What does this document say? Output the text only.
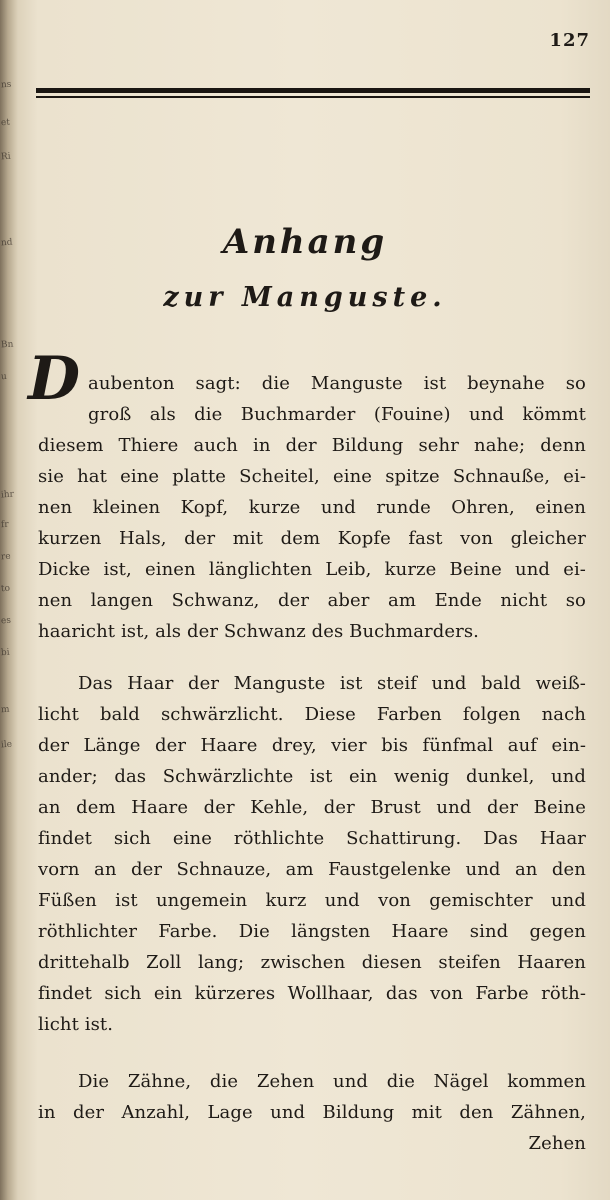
ns
et
Ri
nd
Bn
u
ihr
fr
re
to
es
bi
m
ile
127
Anhang
zur Manguste.
D aubenton sagt: die Manguste ist beynahe so
groß als die Buchmarder (Fouine) und kömmt
diesem Thiere auch in der Bildung sehr nahe; denn
sie hat eine platte Scheitel, eine spitze Schnauße, ei-
nen kleinen Kopf, kurze und runde Ohren, einen
kurzen Hals, der mit dem Kopfe fast von gleicher
Dicke ist, einen länglichten Leib, kurze Beine und ei-
nen langen Schwanz, der aber am Ende nicht so
haaricht ist, als der Schwanz des Buchmarders.
Das Haar der Manguste ist steif und bald weiß-
licht bald schwärzlicht. Diese Farben folgen nach
der Länge der Haare drey, vier bis fünfmal auf ein-
ander; das Schwärzlichte ist ein wenig dunkel, und
an dem Haare der Kehle, der Brust und der Beine
findet sich eine röthlichte Schattirung. Das Haar
vorn an der Schnauze, am Faustgelenke und an den
Füßen ist ungemein kurz und von gemischter und
röthlichter Farbe. Die längsten Haare sind gegen
drittehalb Zoll lang; zwischen diesen steifen Haaren
findet sich ein kürzeres Wollhaar, das von Farbe röth-
licht ist.
Die Zähne, die Zehen und die Nägel kommen
in der Anzahl, Lage und Bildung mit den Zähnen,
Zehen
